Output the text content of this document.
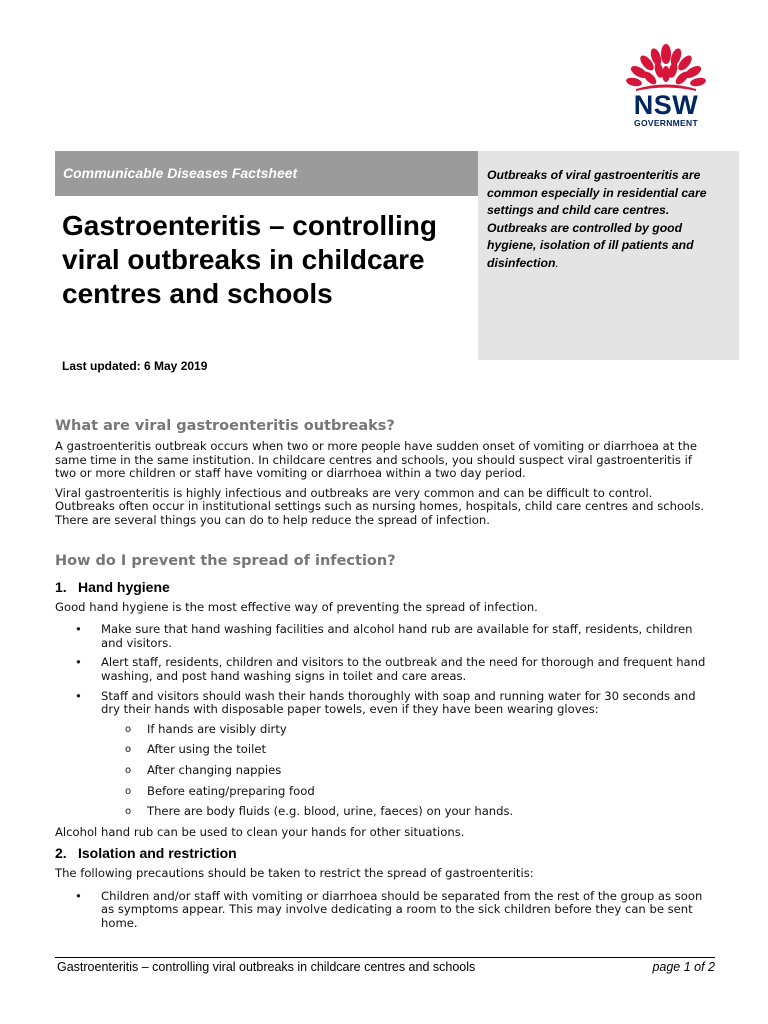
NSW
GOVERNMENT
Communicable Diseases Factsheet	Outbreaks of viral gastroenteritis are common especially in residential care settings and child care centres. Outbreaks are controlled by good hygiene, isolation of ill patients and disinfection.

Gastroenteritis – controlling viral outbreaks in childcare centres and schools

Last updated: 6 May 2019

What are viral gastroenteritis outbreaks?

A gastroenteritis outbreak occurs when two or more people have sudden onset of vomiting or diarrhoea at the same time in the same institution. In childcare centres and schools, you should suspect viral gastroenteritis if two or more children or staff have vomiting or diarrhoea within a two day period.

Viral gastroenteritis is highly infectious and outbreaks are very common and can be difficult to control. Outbreaks often occur in institutional settings such as nursing homes, hospitals, child care centres and schools. There are several things you can do to help reduce the spread of infection.

How do I prevent the spread of infection?
1. Hand hygiene

Good hand hygiene is the most effective way of preventing the spread of infection.

• Make sure that hand washing facilities and alcohol hand rub are available for staff, residents, children and visitors.
• Alert staff, residents, children and visitors to the outbreak and the need for thorough and frequent hand washing, and post hand washing signs in toilet and care areas.
• Staff and visitors should wash their hands thoroughly with soap and running water for 30 seconds and dry their hands with disposable paper towels, even if they have been wearing gloves:
o If hands are visibly dirty
o After using the toilet
o After changing nappies
o Before eating/preparing food
o There are body fluids (e.g. blood, urine, faeces) on your hands.

Alcohol hand rub can be used to clean your hands for other situations.

2. Isolation and restriction

The following precautions should be taken to restrict the spread of gastroenteritis:

• Children and/or staff with vomiting or diarrhoea should be separated from the rest of the group as soon as symptoms appear. This may involve dedicating a room to the sick children before they can be sent home.
Gastroenteritis – controlling viral outbreaks in childcare centres and schools	page 1 of 2
